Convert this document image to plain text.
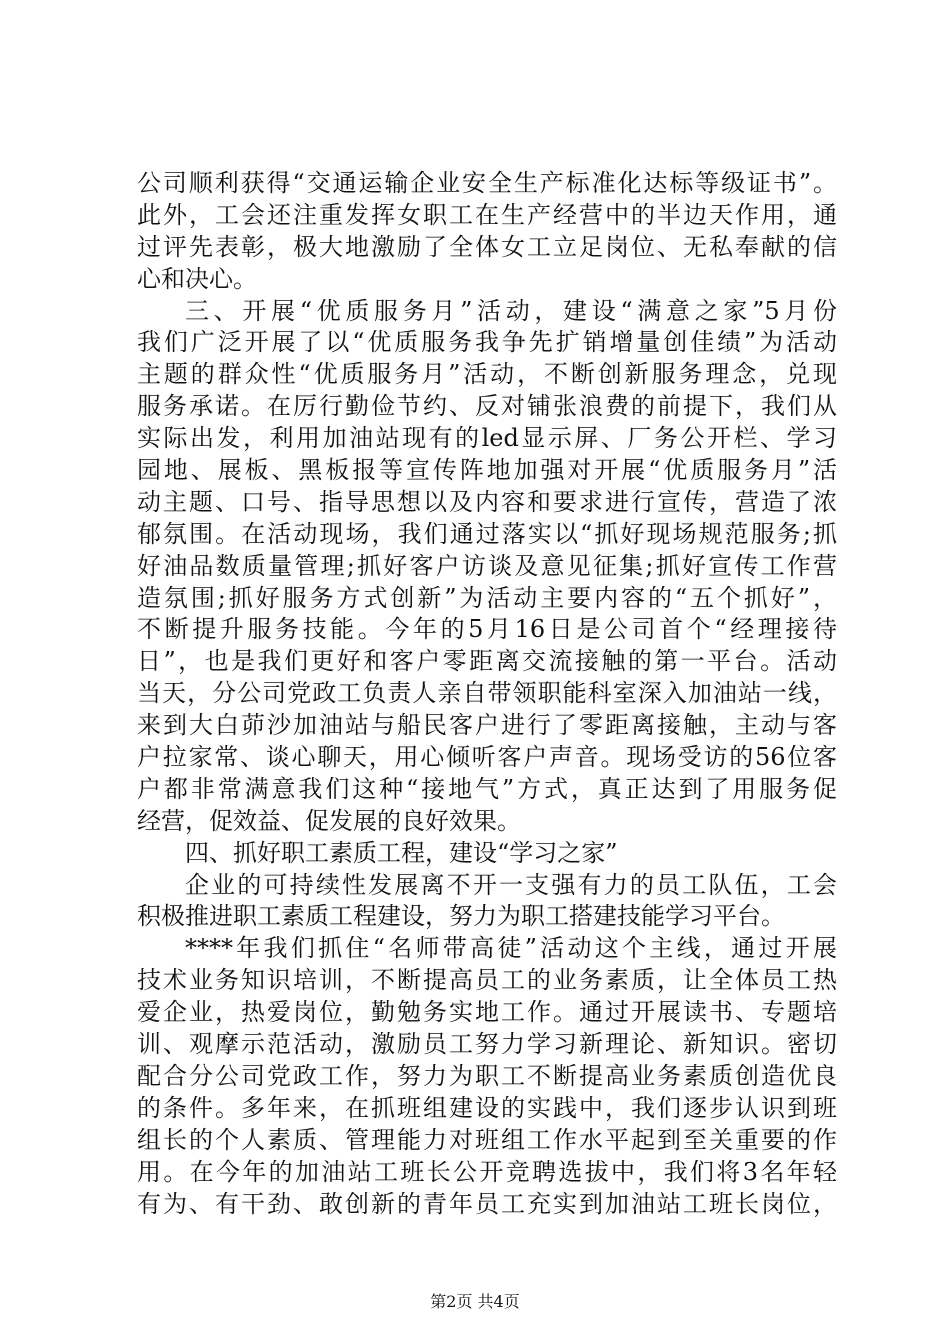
公司顺利获得“交通运输企业安全生产标准化达标等级证书”。
此外，工会还注重发挥女职工在生产经营中的半边天作用，通
过评先表彰，极大地激励了全体女工立足岗位、无私奉献的信
心和决心。
三、开展“优质服务月”活动，建设“满意之家”5月份
我们广泛开展了以“优质服务我争先扩销增量创佳绩”为活动
主题的群众性“优质服务月”活动，不断创新服务理念，兑现
服务承诺。在厉行勤俭节约、反对铺张浪费的前提下，我们从
实际出发，利用加油站现有的led显示屏、厂务公开栏、学习
园地、展板、黑板报等宣传阵地加强对开展“优质服务月”活
动主题、口号、指导思想以及内容和要求进行宣传，营造了浓
郁氛围。在活动现场，我们通过落实以“抓好现场规范服务;抓
好油品数质量管理;抓好客户访谈及意见征集;抓好宣传工作营
造氛围;抓好服务方式创新”为活动主要内容的“五个抓好”，
不断提升服务技能。今年的5月16日是公司首个“经理接待
日”，也是我们更好和客户零距离交流接触的第一平台。活动
当天，分公司党政工负责人亲自带领职能科室深入加油站一线，
来到大白茆沙加油站与船民客户进行了零距离接触，主动与客
户拉家常、谈心聊天，用心倾听客户声音。现场受访的56位客
户都非常满意我们这种“接地气”方式，真正达到了用服务促
经营，促效益、促发展的良好效果。
四、抓好职工素质工程，建设“学习之家”
企业的可持续性发展离不开一支强有力的员工队伍，工会
积极推进职工素质工程建设，努力为职工搭建技能学习平台。
****年我们抓住“名师带高徒”活动这个主线，通过开展
技术业务知识培训，不断提高员工的业务素质，让全体员工热
爱企业，热爱岗位，勤勉务实地工作。通过开展读书、专题培
训、观摩示范活动，激励员工努力学习新理论、新知识。密切
配合分公司党政工作，努力为职工不断提高业务素质创造优良
的条件。多年来，在抓班组建设的实践中，我们逐步认识到班
组长的个人素质、管理能力对班组工作水平起到至关重要的作
用。在今年的加油站工班长公开竞聘选拔中，我们将3名年轻
有为、有干劲、敢创新的青年员工充实到加油站工班长岗位，
第2页 共4页
